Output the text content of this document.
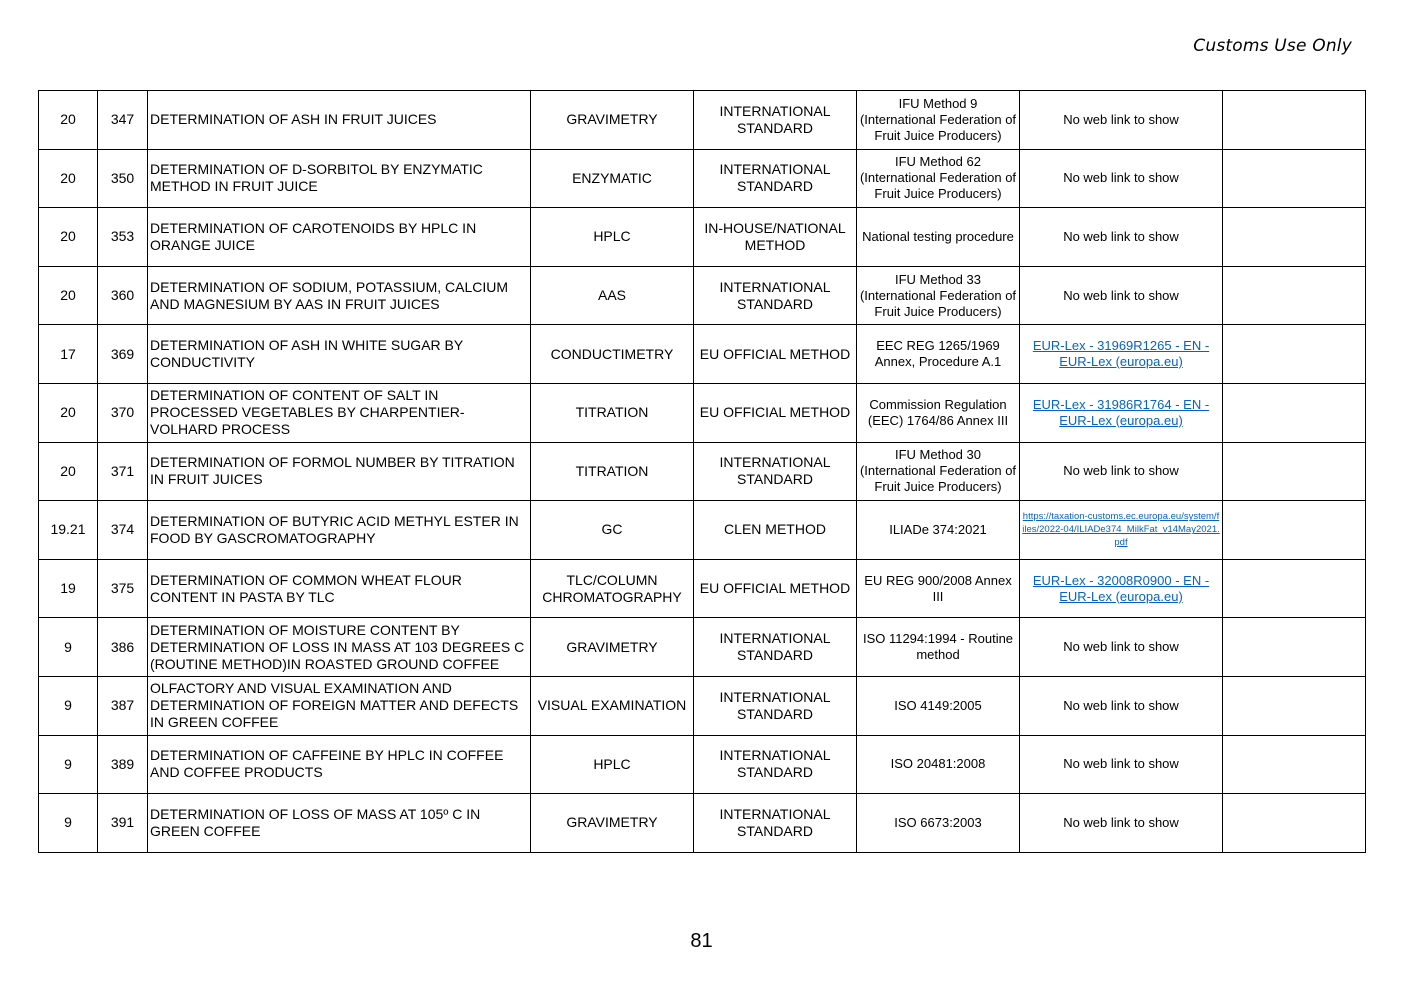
Customs Use Only
20	347	DETERMINATION OF ASH IN FRUIT JUICES	GRAVIMETRY	INTERNATIONAL STANDARD	IFU Method 9 (International Federation of Fruit Juice Producers)	No web link to show	
20	350	DETERMINATION OF D-SORBITOL BY ENZYMATIC METHOD IN FRUIT JUICE	ENZYMATIC	INTERNATIONAL STANDARD	IFU Method 62 (International Federation of Fruit Juice Producers)	No web link to show	
20	353	DETERMINATION OF CAROTENOIDS BY HPLC IN ORANGE JUICE	HPLC	IN-HOUSE/NATIONAL METHOD	National testing procedure	No web link to show	
20	360	DETERMINATION OF SODIUM, POTASSIUM, CALCIUM AND MAGNESIUM BY AAS IN FRUIT JUICES	AAS	INTERNATIONAL STANDARD	IFU Method 33 (International Federation of Fruit Juice Producers)	No web link to show	
17	369	DETERMINATION OF ASH IN WHITE SUGAR BY CONDUCTIVITY	CONDUCTIMETRY	EU OFFICIAL METHOD	EEC REG 1265/1969 Annex, Procedure A.1	EUR-Lex - 31969R1265 - EN - EUR-Lex (europa.eu)	
20	370	DETERMINATION OF CONTENT OF SALT IN PROCESSED VEGETABLES BY CHARPENTIER-VOLHARD PROCESS	TITRATION	EU OFFICIAL METHOD	Commission Regulation (EEC) 1764/86 Annex III	EUR-Lex - 31986R1764 - EN - EUR-Lex (europa.eu)	
20	371	DETERMINATION OF FORMOL NUMBER BY TITRATION IN FRUIT JUICES	TITRATION	INTERNATIONAL STANDARD	IFU Method 30 (International Federation of Fruit Juice Producers)	No web link to show	
19.21	374	DETERMINATION OF BUTYRIC ACID METHYL ESTER IN FOOD BY GASCROMATOGRAPHY	GC	CLEN METHOD	ILIADe 374:2021	https://taxation-customs.ec.europa.eu/system/files/2022-04/ILIADe374_MilkFat_v14May2021.pdf	
19	375	DETERMINATION OF COMMON WHEAT FLOUR CONTENT IN PASTA BY TLC	TLC/COLUMN CHROMATOGRAPHY	EU OFFICIAL METHOD	EU REG 900/2008 Annex III	EUR-Lex - 32008R0900 - EN - EUR-Lex (europa.eu)	
9	386	DETERMINATION OF MOISTURE CONTENT BY DETERMINATION OF LOSS IN MASS AT 103 DEGREES C (ROUTINE METHOD)IN ROASTED GROUND COFFEE	GRAVIMETRY	INTERNATIONAL STANDARD	ISO 11294:1994 - Routine method	No web link to show	
9	387	OLFACTORY AND VISUAL EXAMINATION AND DETERMINATION OF FOREIGN MATTER AND DEFECTS IN GREEN COFFEE	VISUAL EXAMINATION	INTERNATIONAL STANDARD	ISO 4149:2005	No web link to show	
9	389	DETERMINATION OF CAFFEINE BY HPLC IN COFFEE AND COFFEE PRODUCTS	HPLC	INTERNATIONAL STANDARD	ISO 20481:2008	No web link to show	
9	391	DETERMINATION OF LOSS OF MASS AT 105º C IN GREEN COFFEE	GRAVIMETRY	INTERNATIONAL STANDARD	ISO 6673:2003	No web link to show	
81
